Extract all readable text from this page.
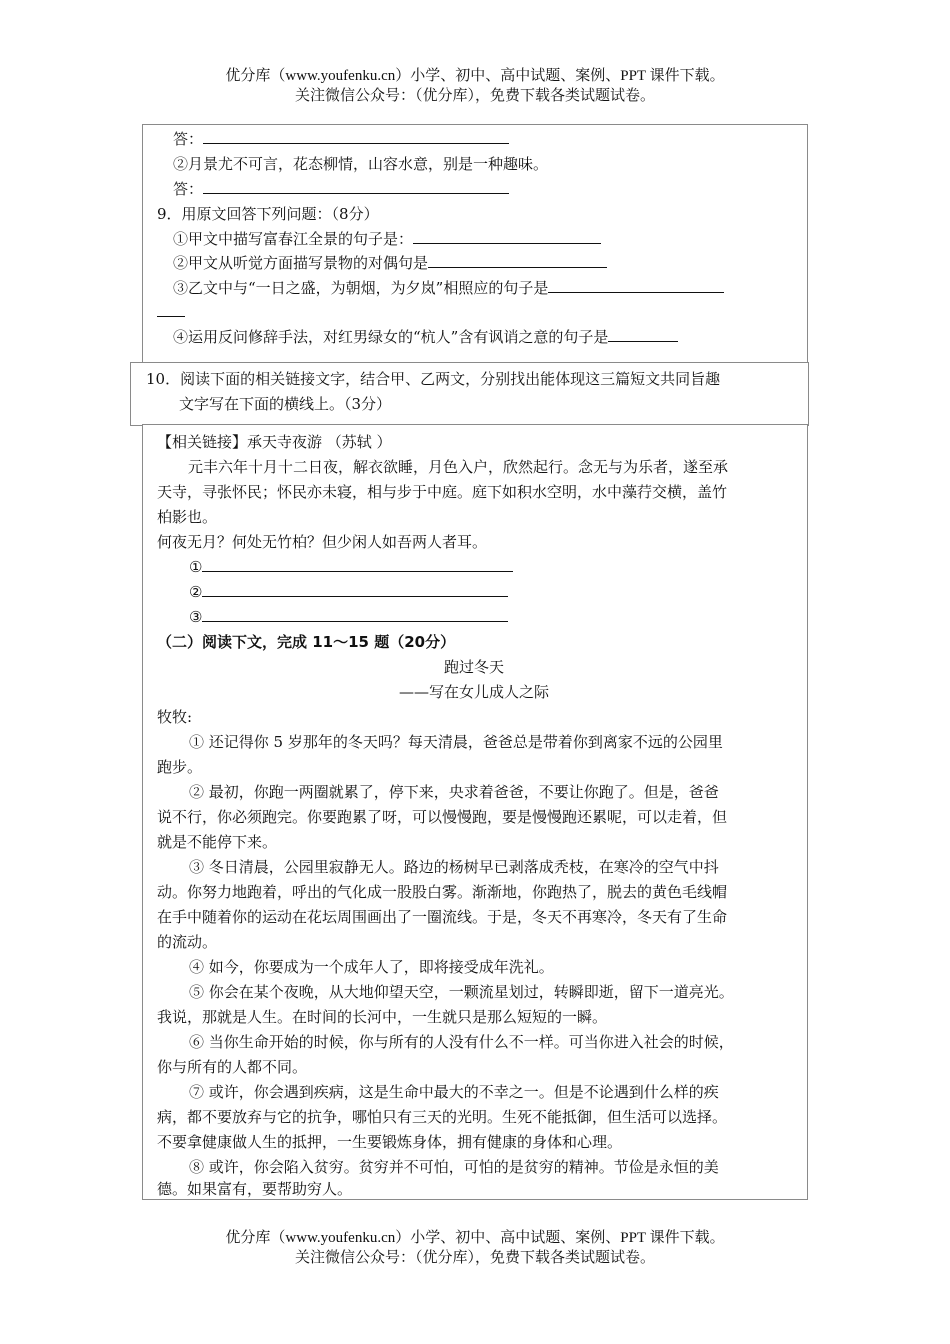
优分库（www.youfenku.cn）小学、初中、高中试题、案例、PPT 课件下载。
关注微信公众号：（优分库），免费下载各类试题试卷。
答：
②月景尤不可言，花态柳情，山容水意，别是一种趣味。
答：
9．用原文回答下列问题：（8分）
①甲文中描写富春江全景的句子是：
②甲文从听觉方面描写景物的对偶句是
③乙文中与“一日之盛，为朝烟，为夕岚”相照应的句子是
④运用反问修辞手法，对红男绿女的“杭人”含有讽诮之意的句子是
10．阅读下面的相关链接文字，结合甲、乙两文，分别找出能体现这三篇短文共同旨趣
文字写在下面的横线上。（3分）
【相关链接】承天寺夜游 （苏轼 ）
元丰六年十月十二日夜，解衣欲睡，月色入户，欣然起行。念无与为乐者，遂至承
天寺，寻张怀民；怀民亦未寝，相与步于中庭。庭下如积水空明，水中藻荇交横，盖竹
柏影也。
何夜无月？何处无竹柏？但少闲人如吾两人者耳。
①
②
③
（二）阅读下文，完成 11～15 题（20分）
跑过冬天
——写在女儿成人之际
牧牧:
① 还记得你 5 岁那年的冬天吗？每天清晨，爸爸总是带着你到离家不远的公园里
跑步。
② 最初，你跑一两圈就累了，停下来，央求着爸爸，不要让你跑了。但是，爸爸
说不行，你必须跑完。你要跑累了呀，可以慢慢跑，要是慢慢跑还累呢，可以走着，但
就是不能停下来。
③ 冬日清晨，公园里寂静无人。路边的杨树早已剥落成秃枝，在寒冷的空气中抖
动。你努力地跑着，呼出的气化成一股股白雾。渐渐地，你跑热了，脱去的黄色毛线帽
在手中随着你的运动在花坛周围画出了一圈流线。于是，冬天不再寒冷，冬天有了生命
的流动。
④ 如今，你要成为一个成年人了，即将接受成年洗礼。
⑤ 你会在某个夜晚，从大地仰望天空，一颗流星划过，转瞬即逝，留下一道亮光。
我说，那就是人生。在时间的长河中，一生就只是那么短短的一瞬。
⑥ 当你生命开始的时候，你与所有的人没有什么不一样。可当你进入社会的时候，
你与所有的人都不同。
⑦ 或许，你会遇到疾病，这是生命中最大的不幸之一。但是不论遇到什么样的疾
病，都不要放弃与它的抗争，哪怕只有三天的光明。生死不能抵御，但生活可以选择。
不要拿健康做人生的抵押，一生要锻炼身体，拥有健康的身体和心理。
⑧ 或许，你会陷入贫穷。贫穷并不可怕，可怕的是贫穷的精神。节俭是永恒的美
德。如果富有，要帮助穷人。
优分库（www.youfenku.cn）小学、初中、高中试题、案例、PPT 课件下载。
关注微信公众号：（优分库），免费下载各类试题试卷。
